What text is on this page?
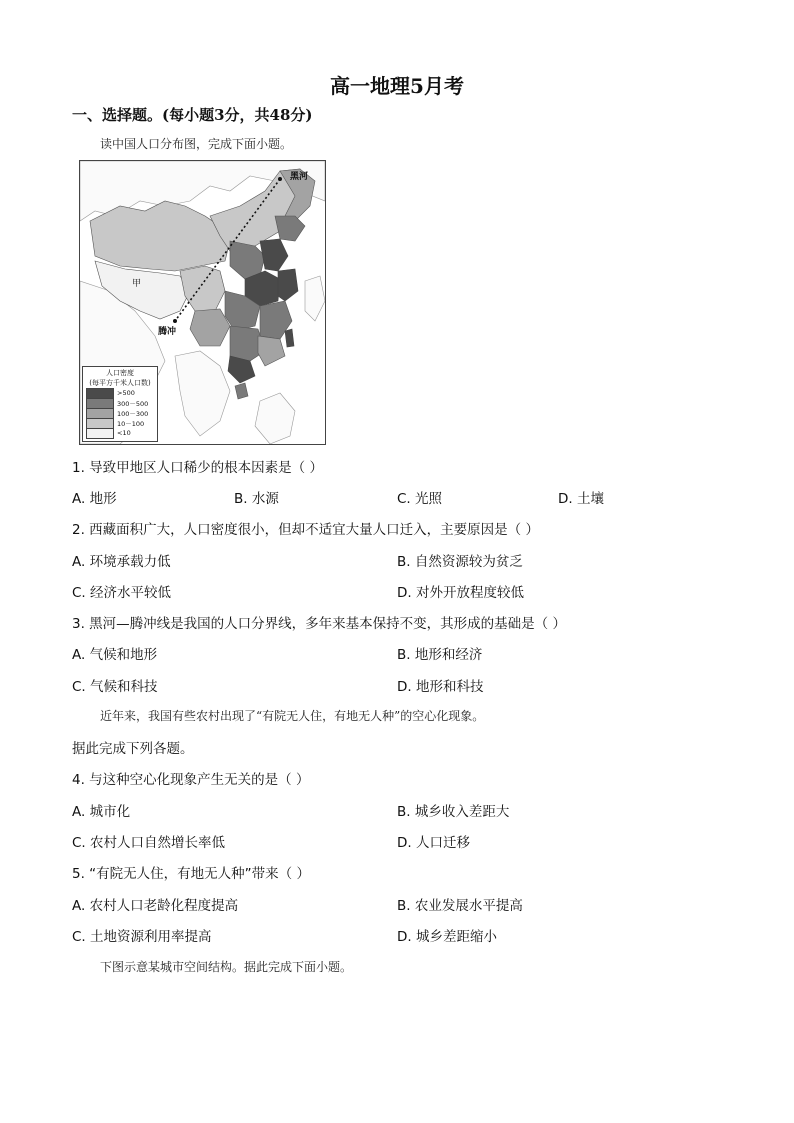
高一地理5月考
一、选择题。(每小题3分，共48分)
读中国人口分布图，完成下面小题。
黑河
甲
腾冲
人口密度
(每平方千米人口数)
>500
300－500
100－300
10－100
<10
1. 导致甲地区人口稀少的根本因素是（ ）
A. 地形	B. 水源	C. 光照	D. 土壤
2. 西藏面积广大，人口密度很小，但却不适宜大量人口迁入，主要原因是（ ）
A. 环境承载力低	B. 自然资源较为贫乏
C. 经济水平较低	D. 对外开放程度较低
3. 黑河—腾冲线是我国的人口分界线，多年来基本保持不变，其形成的基础是（ ）
A. 气候和地形	B. 地形和经济
C. 气候和科技	D. 地形和科技
近年来，我国有些农村出现了“有院无人住，有地无人种”的空心化现象。
据此完成下列各题。
4. 与这种空心化现象产生无关的是（ ）
A. 城市化	B. 城乡收入差距大
C. 农村人口自然增长率低	D. 人口迁移
5. “有院无人住，有地无人种”带来（ ）
A. 农村人口老龄化程度提高	B. 农业发展水平提高
C. 土地资源利用率提高	D. 城乡差距缩小
下图示意某城市空间结构。据此完成下面小题。
